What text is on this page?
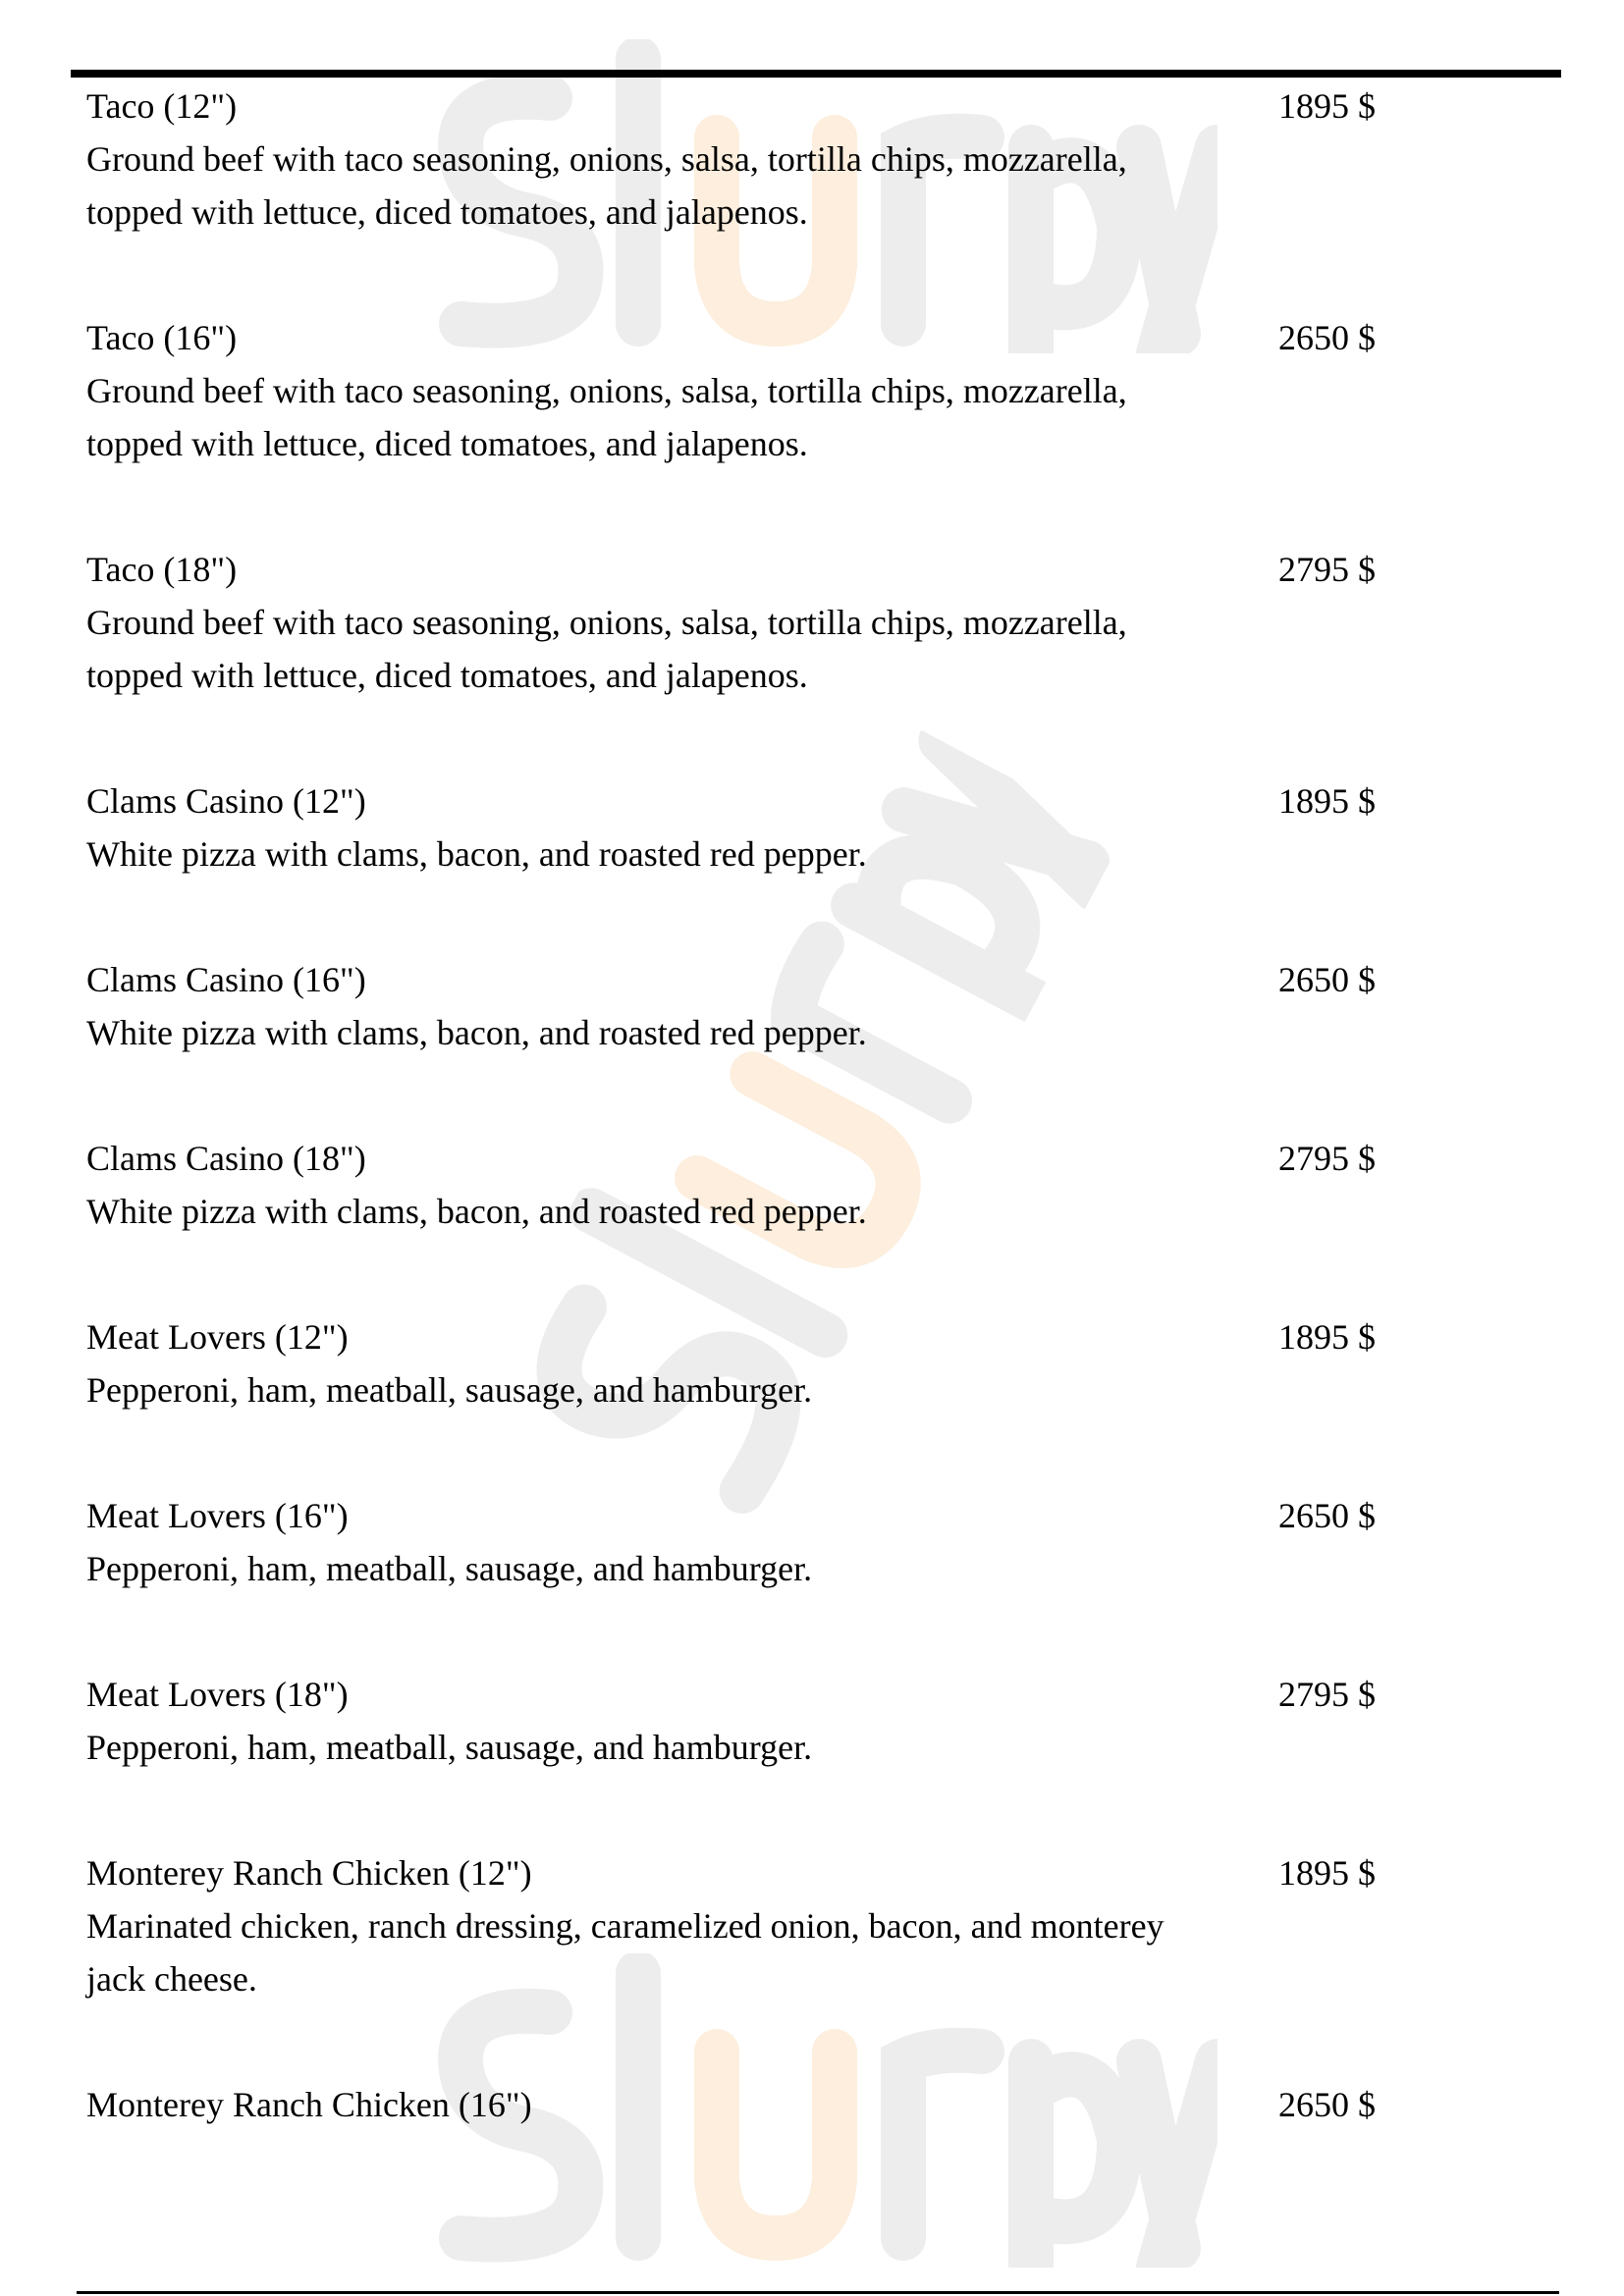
Taco (12")	1895 $
Ground beef with taco seasoning, onions, salsa, tortilla chips, mozzarella, topped with lettuce, diced tomatoes, and jalapenos.
Taco (16")	2650 $
Ground beef with taco seasoning, onions, salsa, tortilla chips, mozzarella, topped with lettuce, diced tomatoes, and jalapenos.
Taco (18")	2795 $
Ground beef with taco seasoning, onions, salsa, tortilla chips, mozzarella, topped with lettuce, diced tomatoes, and jalapenos.
Clams Casino (12")	1895 $
White pizza with clams, bacon, and roasted red pepper.
Clams Casino (16")	2650 $
White pizza with clams, bacon, and roasted red pepper.
Clams Casino (18")	2795 $
White pizza with clams, bacon, and roasted red pepper.
Meat Lovers (12")	1895 $
Pepperoni, ham, meatball, sausage, and hamburger.
Meat Lovers (16")	2650 $
Pepperoni, ham, meatball, sausage, and hamburger.
Meat Lovers (18")	2795 $
Pepperoni, ham, meatball, sausage, and hamburger.
Monterey Ranch Chicken (12")	1895 $
Marinated chicken, ranch dressing, caramelized onion, bacon, and monterey jack cheese.
Monterey Ranch Chicken (16")	2650 $
